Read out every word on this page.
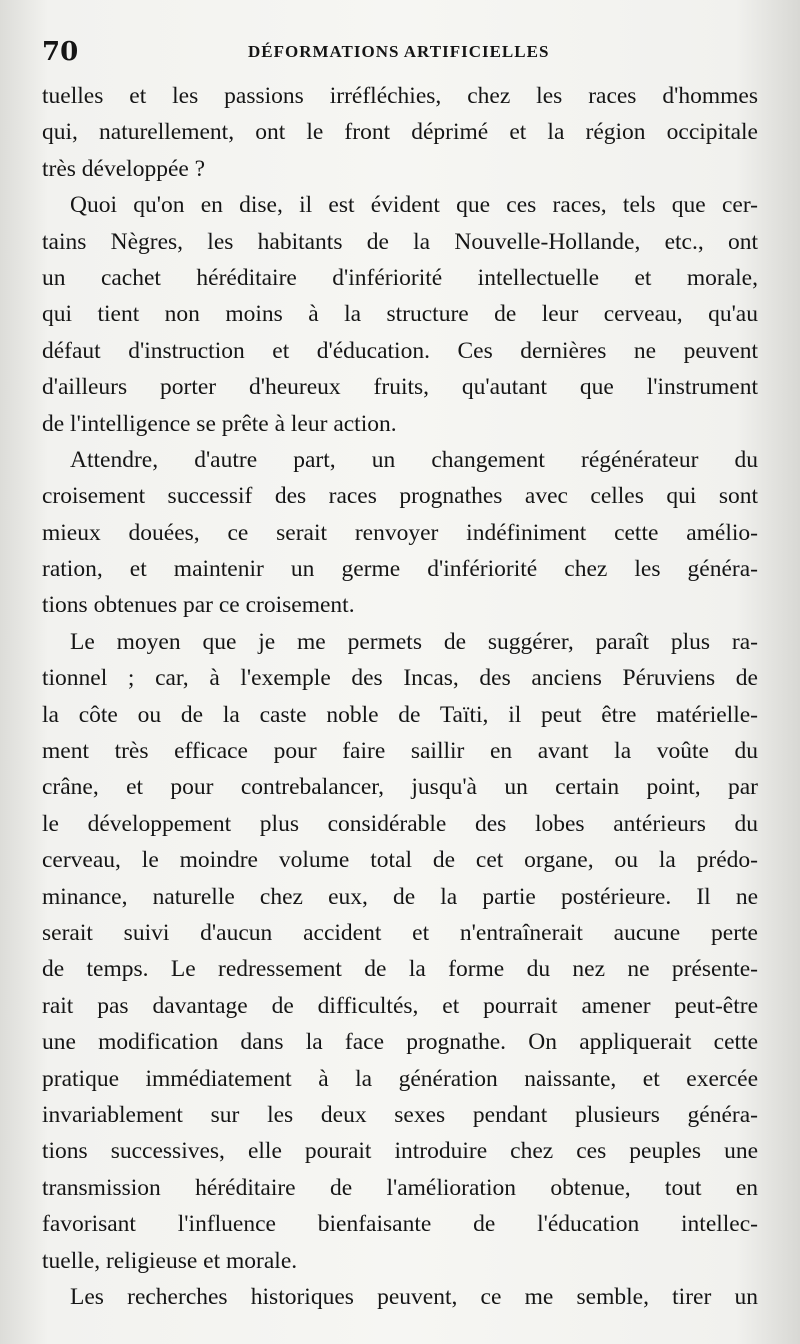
70	DÉFORMATIONS ARTIFICIELLES
tuelles et les passions irréfléchies, chez les races d'hommes
qui, naturellement, ont le front déprimé et la région occipitale
très développée ?
Quoi qu'on en dise, il est évident que ces races, tels que cer-
tains Nègres, les habitants de la Nouvelle-Hollande, etc., ont
un cachet héréditaire d'infériorité intellectuelle et morale,
qui tient non moins à la structure de leur cerveau, qu'au
défaut d'instruction et d'éducation. Ces dernières ne peuvent
d'ailleurs porter d'heureux fruits, qu'autant que l'instrument
de l'intelligence se prête à leur action.
Attendre, d'autre part, un changement régénérateur du
croisement successif des races prognathes avec celles qui sont
mieux douées, ce serait renvoyer indéfiniment cette amélio-
ration, et maintenir un germe d'infériorité chez les généra-
tions obtenues par ce croisement.
Le moyen que je me permets de suggérer, paraît plus ra-
tionnel ; car, à l'exemple des Incas, des anciens Péruviens de
la côte ou de la caste noble de Taïti, il peut être matérielle-
ment très efficace pour faire saillir en avant la voûte du
crâne, et pour contrebalancer, jusqu'à un certain point, par
le développement plus considérable des lobes antérieurs du
cerveau, le moindre volume total de cet organe, ou la prédo-
minance, naturelle chez eux, de la partie postérieure. Il ne
serait suivi d'aucun accident et n'entraînerait aucune perte
de temps. Le redressement de la forme du nez ne présente-
rait pas davantage de difficultés, et pourrait amener peut-être
une modification dans la face prognathe. On appliquerait cette
pratique immédiatement à la génération naissante, et exercée
invariablement sur les deux sexes pendant plusieurs généra-
tions successives, elle pourait introduire chez ces peuples une
transmission héréditaire de l'amélioration obtenue, tout en
favorisant l'influence bienfaisante de l'éducation intellec-
tuelle, religieuse et morale.
Les recherches historiques peuvent, ce me semble, tirer un
